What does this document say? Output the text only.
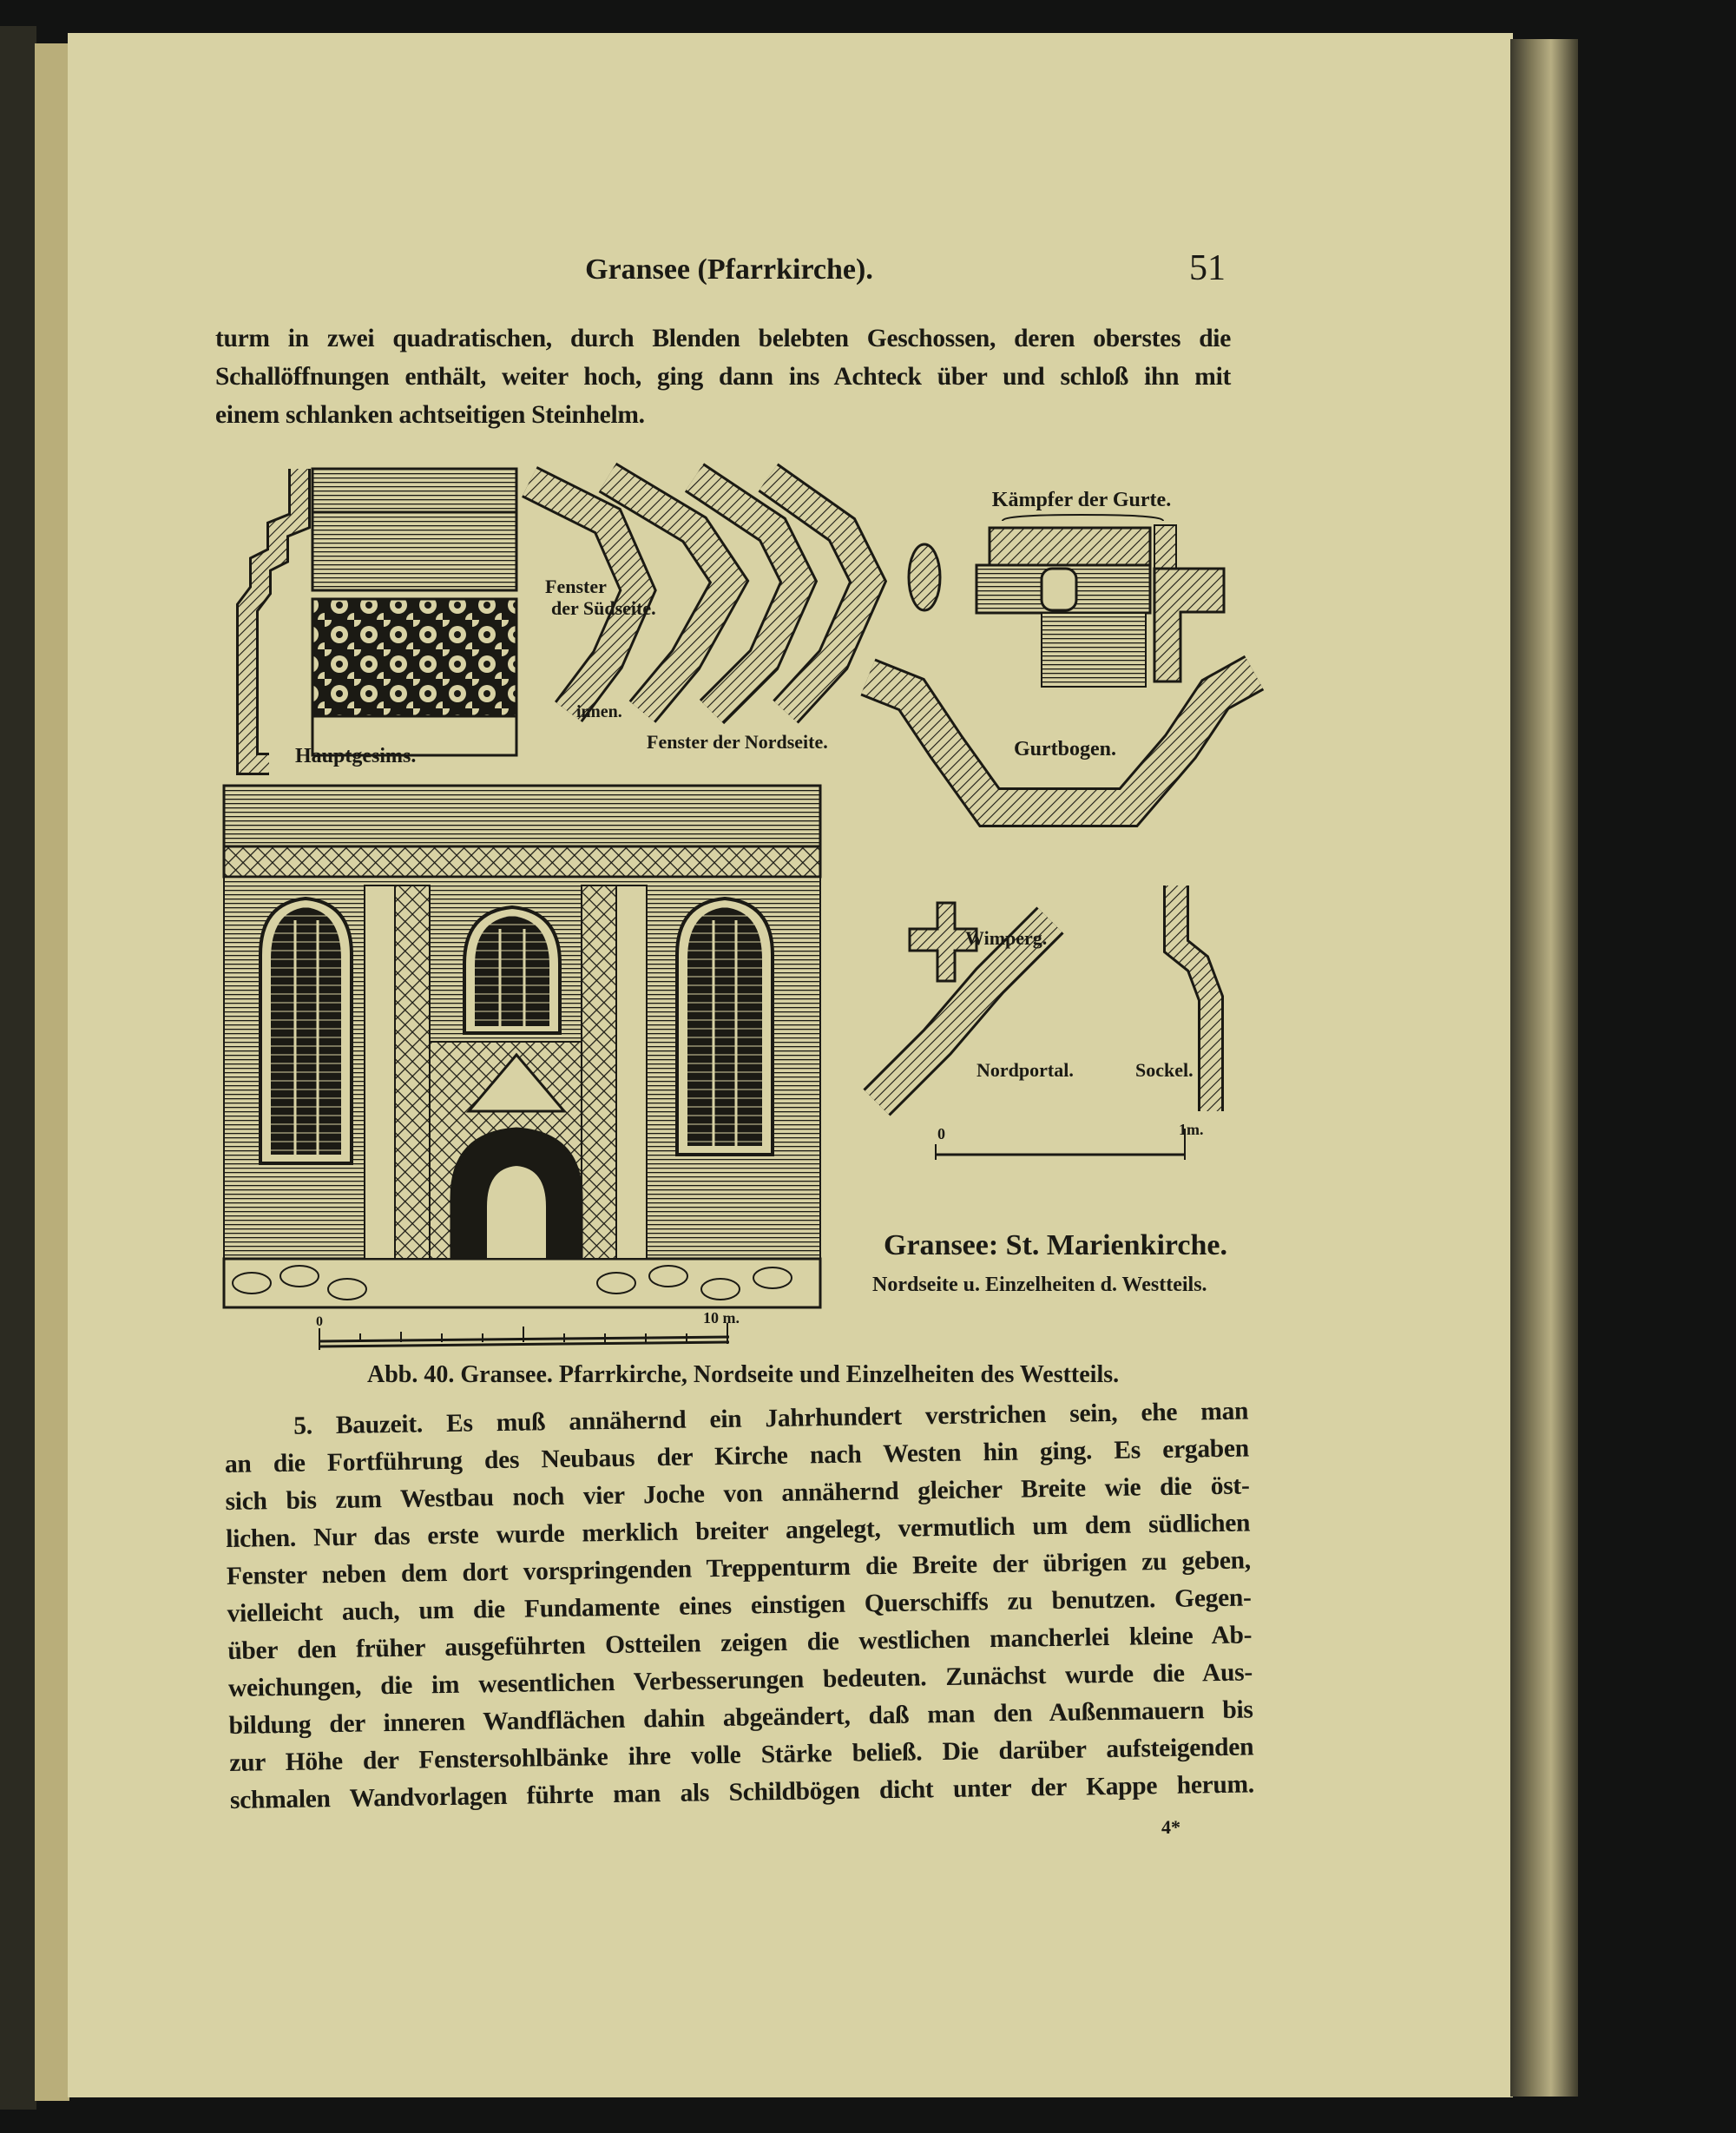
Gransee (Pfarrkirche).	51
turm in zwei quadratischen, durch Blenden belebten Geschossen, deren oberstes die
Schallöffnungen enthält, weiter hoch, ging dann ins Achteck über und schloß ihn mit
einem schlanken achtseitigen Steinhelm.
Hauptgesims.
Fenster
der Südseite.
innen.
Fenster der Nordseite.
Kämpfer der Gurte.
Gurtbogen.
Wimperg.
Nordportal.	Sockel.
0	1m.
Gransee: St. Marienkirche.
Nordseite u. Einzelheiten d. Westteils.
0	10 m.
Abb. 40. Gransee. Pfarrkirche, Nordseite und Einzelheiten des Westteils.
5. Bauzeit. Es muß annähernd ein Jahrhundert verstrichen sein, ehe man
an die Fortführung des Neubaus der Kirche nach Westen hin ging. Es ergaben
sich bis zum Westbau noch vier Joche von annähernd gleicher Breite wie die öst-
lichen. Nur das erste wurde merklich breiter angelegt, vermutlich um dem südlichen
Fenster neben dem dort vorspringenden Treppenturm die Breite der übrigen zu geben,
vielleicht auch, um die Fundamente eines einstigen Querschiffs zu benutzen. Gegen-
über den früher ausgeführten Ostteilen zeigen die westlichen mancherlei kleine Ab-
weichungen, die im wesentlichen Verbesserungen bedeuten. Zunächst wurde die Aus-
bildung der inneren Wandflächen dahin abgeändert, daß man den Außenmauern bis
zur Höhe der Fenstersohlbänke ihre volle Stärke beließ. Die darüber aufsteigenden
schmalen Wandvorlagen führte man als Schildbögen dicht unter der Kappe herum.
4*
